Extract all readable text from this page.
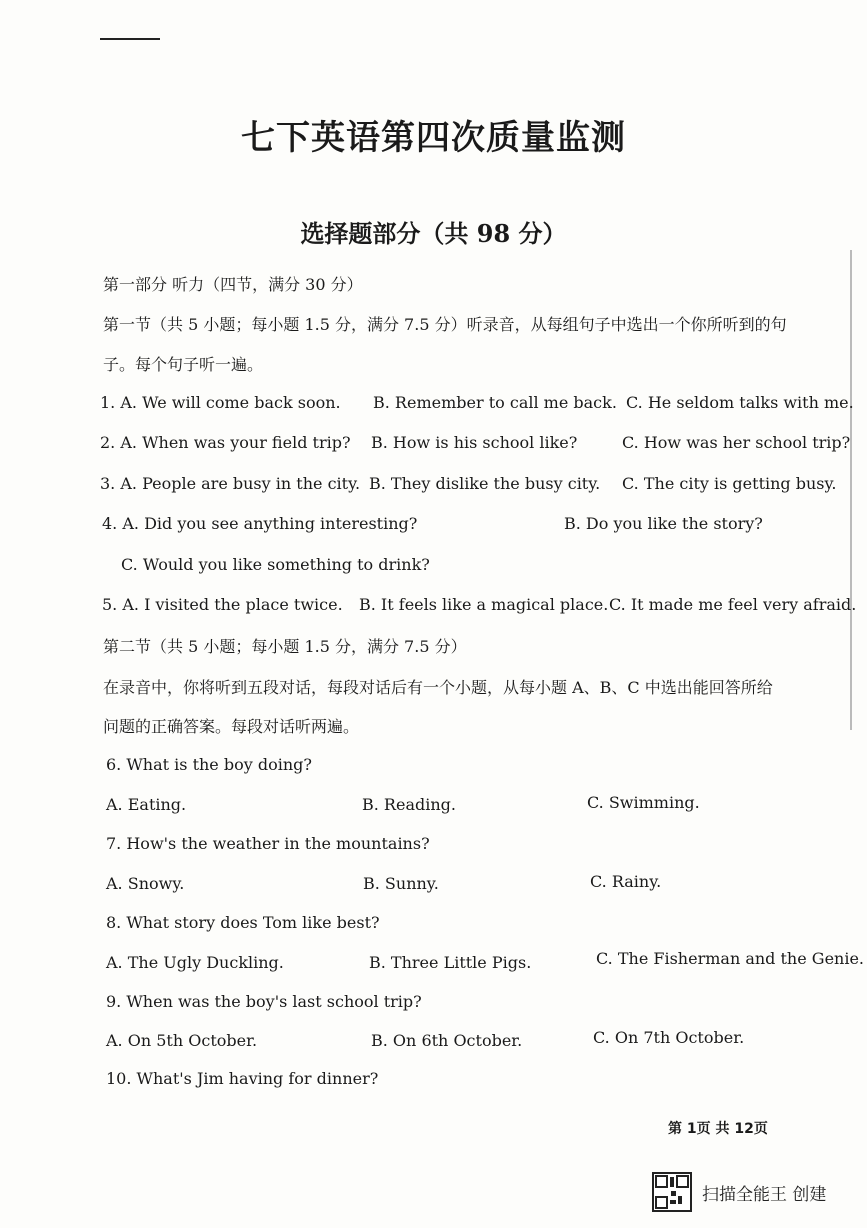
七下英语第四次质量监测
选择题部分（共 98 分）
第一部分 听力（四节，满分 30 分）
第一节（共 5 小题；每小题 1.5 分，满分 7.5 分）听录音，从每组句子中选出一个你所听到的句
子。每个句子听一遍。
1. A. We will come back soon. B. Remember to call me back. C. He seldom talks with me.
2. A. When was your field trip? B. How is his school like?	C. How was her school trip?
3. A. People are busy in the city. B. They dislike the busy city. C. The city is getting busy.
4. A. Did you see anything interesting?	B. Do you like the story?
C. Would you like something to drink?
5. A. I visited the place twice. B. It feels like a magical place. C. It made me feel very afraid.
第二节（共 5 小题；每小题 1.5 分，满分 7.5 分）
在录音中，你将听到五段对话，每段对话后有一个小题，从每小题 A、B、C 中选出能回答所给
问题的正确答案。每段对话听两遍。
6. What is the boy doing?
A. Eating.	B. Reading.	C. Swimming.
7. How's the weather in the mountains?
A. Snowy.	B. Sunny.	C. Rainy.
8. What story does Tom like best?
A. The Ugly Duckling.	B. Three Little Pigs.	C. The Fisherman and the Genie.
9. When was the boy's last school trip?
A. On 5th October.	B. On 6th October.	C. On 7th October.
10. What's Jim having for dinner?
第 1页 共 12页
扫描全能王 创建
